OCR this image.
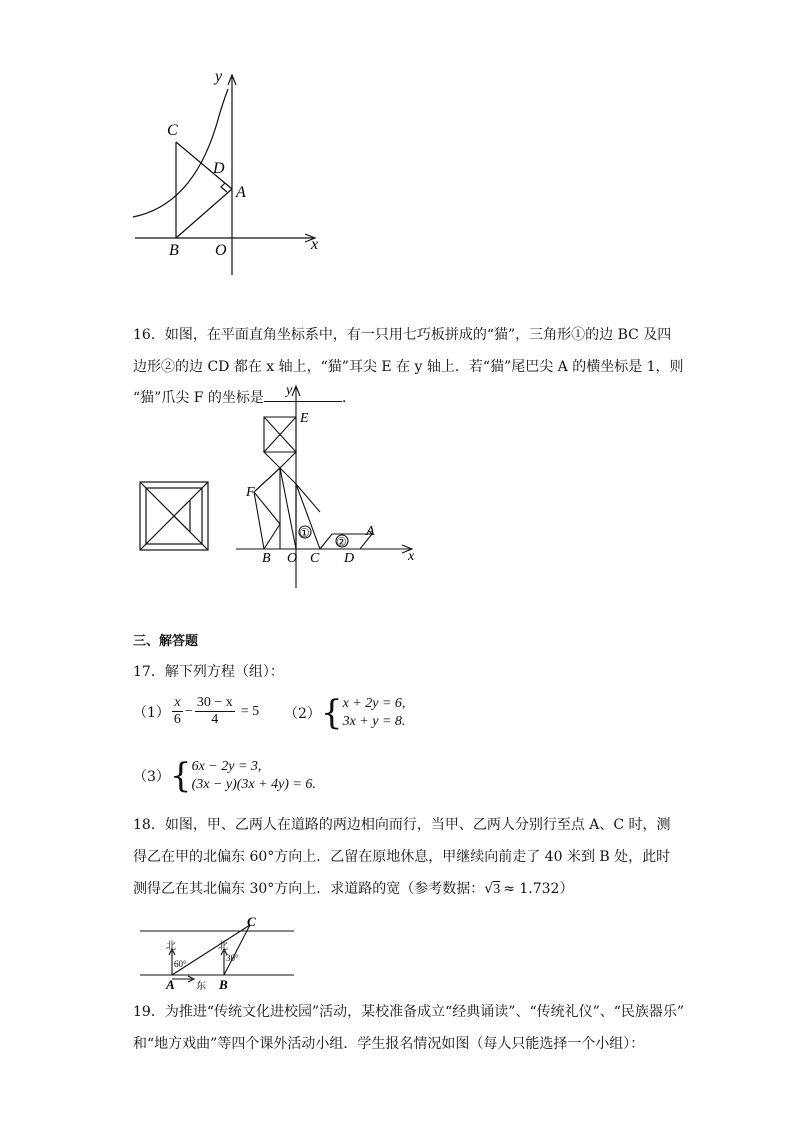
y
C
D
A
B O	x
16．如图，在平面直角坐标系中，有一只用七巧板拼成的“猫”，三角形①的边 BC 及四
边形②的边 CD 都在 x 轴上，“猫”耳尖 E 在 y 轴上．若“猫”尾巴尖 A 的横坐标是 1，则
“猫”爪尖 F 的坐标是	．
y
E
F
①
②
A
B O C D	x
三、解答题
17．解下列方程（组）：
$(1) \frac{x}{6} - \frac{30 - x}{4} = 5$ （2） { x + 2y = 6,
3x + y = 8.
（3） { 6x − 2y = 3,
(3x − y)(3x + 4y) = 6.
18．如图，甲、乙两人在道路的两边相向而行，当甲、乙两人分别行至点 A、C 时，测
得乙在甲的北偏东 60°方向上．乙留在原地休息，甲继续向前走了 40 米到 B 处，此时
测得乙在其北偏东 30°方向上．求道路的宽（参考数据：√3 ≈ 1.732）
北	北
60°
30°
东
A	B
C
19．为推进“传统文化进校园”活动，某校准备成立“经典诵读”、“传统礼仪”、“民族器乐”
和“地方戏曲”等四个课外活动小组．学生报名情况如图（每人只能选择一个小组）：
